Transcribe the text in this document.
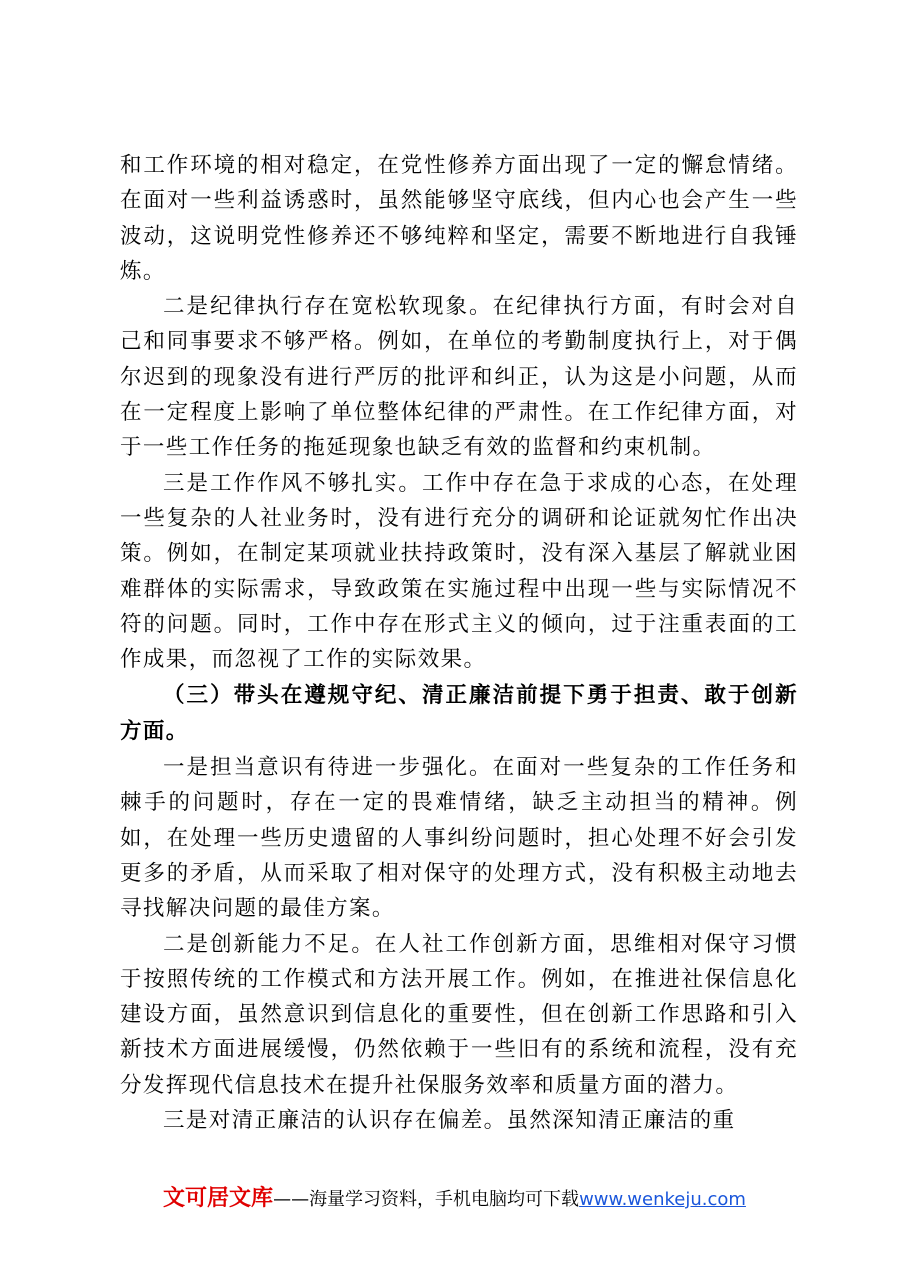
和工作环境的相对稳定，在党性修养方面出现了一定的懈怠情绪。在面对一些利益诱惑时，虽然能够坚守底线，但内心也会产生一些波动，这说明党性修养还不够纯粹和坚定，需要不断地进行自我锤炼。

二是纪律执行存在宽松软现象。在纪律执行方面，有时会对自己和同事要求不够严格。例如，在单位的考勤制度执行上，对于偶尔迟到的现象没有进行严厉的批评和纠正，认为这是小问题，从而在一定程度上影响了单位整体纪律的严肃性。在工作纪律方面，对于一些工作任务的拖延现象也缺乏有效的监督和约束机制。

三是工作作风不够扎实。工作中存在急于求成的心态，在处理一些复杂的人社业务时，没有进行充分的调研和论证就匆忙作出决策。例如，在制定某项就业扶持政策时，没有深入基层了解就业困难群体的实际需求，导致政策在实施过程中出现一些与实际情况不符的问题。同时，工作中存在形式主义的倾向，过于注重表面的工作成果，而忽视了工作的实际效果。

（三）带头在遵规守纪、清正廉洁前提下勇于担责、敢于创新方面。

一是担当意识有待进一步强化。在面对一些复杂的工作任务和棘手的问题时，存在一定的畏难情绪，缺乏主动担当的精神。例如，在处理一些历史遗留的人事纠纷问题时，担心处理不好会引发更多的矛盾，从而采取了相对保守的处理方式，没有积极主动地去寻找解决问题的最佳方案。

二是创新能力不足。在人社工作创新方面，思维相对保守习惯于按照传统的工作模式和方法开展工作。例如，在推进社保信息化建设方面，虽然意识到信息化的重要性，但在创新工作思路和引入新技术方面进展缓慢，仍然依赖于一些旧有的系统和流程，没有充分发挥现代信息技术在提升社保服务效率和质量方面的潜力。

三是对清正廉洁的认识存在偏差。虽然深知清正廉洁的重

文可居文库——海量学习资料，手机电脑均可下载www.wenkeju.com
